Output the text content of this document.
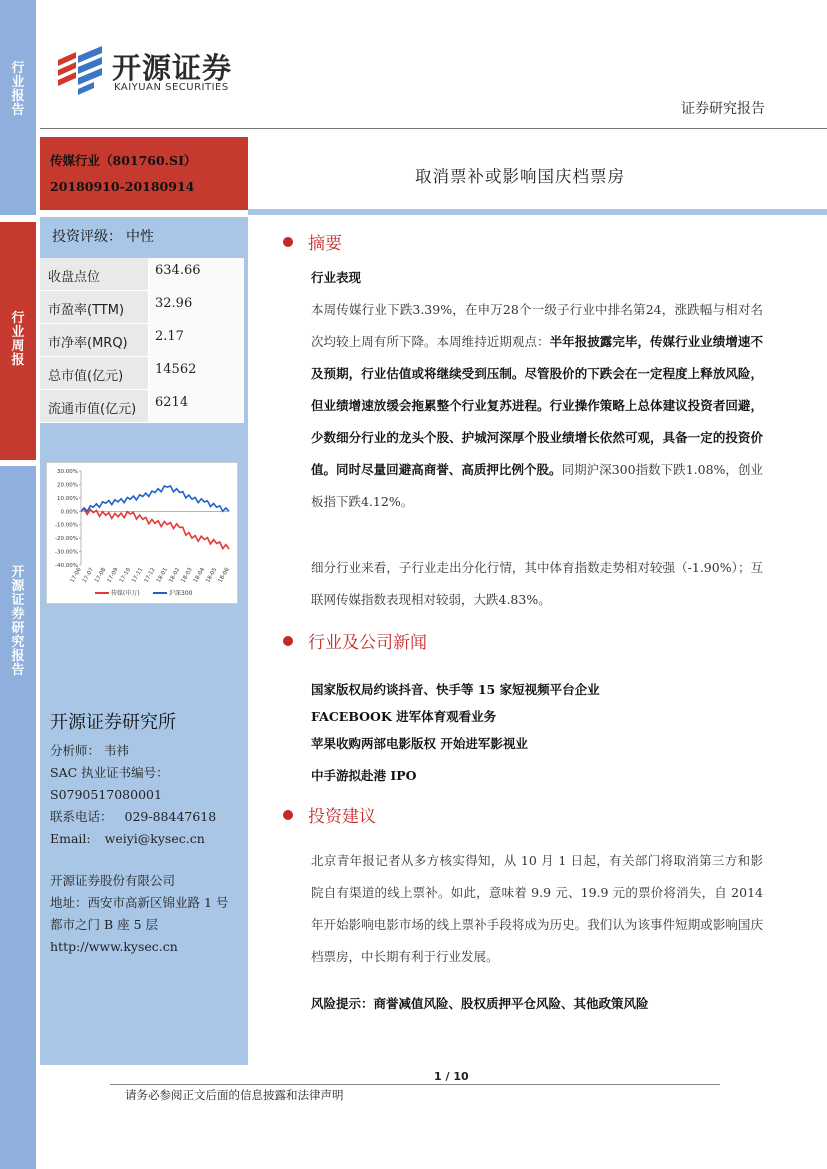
行
业
报
告
行
业
周
报
开
源
证
券
研
究
报
告
开源证券
KAIYUAN SECURITIES
证券研究报告
传媒行业（801760.SI）
20180910-20180914
取消票补或影响国庆档票房
投资评级： 中性
收盘点位	634.66
市盈率(TTM)	32.96
市净率(MRQ)	2.17
总市值(亿元)	14562
流通市值(亿元)	6214
30.00%
20.00%
10.00%
0.00%
-10.00%
-20.00%
-30.00%
-40.00%
17-06 17-07 17-08 17-09 17-10 17-11 17-12 18-01 18-02 18-03 18-04 18-05 18-06
传媒(申万)	沪深300
开源证券研究所
分析师： 韦祎
SAC 执业证书编号：
S0790517080001
联系电话： 029-88447618
Email: weiyi@kysec.cn
开源证券股份有限公司
地址：西安市高新区锦业路 1 号
都市之门 B 座 5 层
http://www.kysec.cn
摘要
行业表现
本周传媒行业下跌3.39%，在申万28个一级子行业中排名第24，涨跌幅与相对名次均较上周有所下降。本周维持近期观点：半年报披露完毕，传媒行业业绩增速不及预期，行业估值或将继续受到压制。尽管股价的下跌会在一定程度上释放风险，但业绩增速放缓会拖累整个行业复苏进程。行业操作策略上总体建议投资者回避，少数细分行业的龙头个股、护城河深厚个股业绩增长依然可观，具备一定的投资价值。同时尽量回避高商誉、高质押比例个股。同期沪深300指数下跌1.08%，创业板指下跌4.12%。
细分行业来看，子行业走出分化行情，其中体育指数走势相对较强（-1.90%）；互联网传媒指数表现相对较弱，大跌4.83%。
行业及公司新闻
国家版权局约谈抖音、快手等 15 家短视频平台企业
FACEBOOK 进军体育观看业务
苹果收购两部电影版权 开始进军影视业
中手游拟赴港 IPO
投资建议
北京青年报记者从多方核实得知，从 10 月 1 日起，有关部门将取消第三方和影院自有渠道的线上票补。如此，意味着 9.9 元、19.9 元的票价将消失，自 2014 年开始影响电影市场的线上票补手段将成为历史。我们认为该事件短期或影响国庆档票房，中长期有利于行业发展。
风险提示：商誉减值风险、股权质押平仓风险、其他政策风险
1 / 10
请务必参阅正文后面的信息披露和法律声明
